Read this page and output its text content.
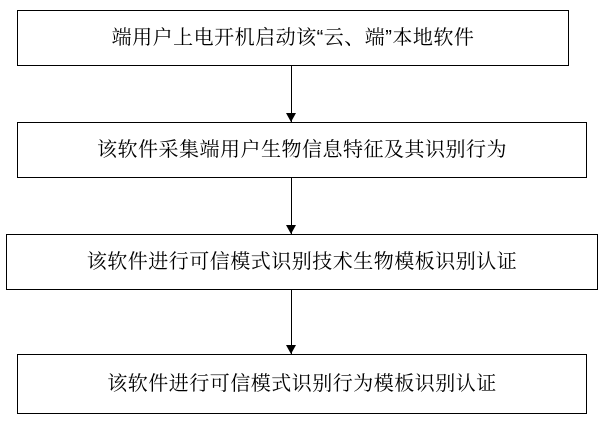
端用户上电开机启动该“云、端”本地软件
该软件采集端用户生物信息特征及其识别行为
该软件进行可信模式识别技术生物模板识别认证
该软件进行可信模式识别行为模板识别认证
